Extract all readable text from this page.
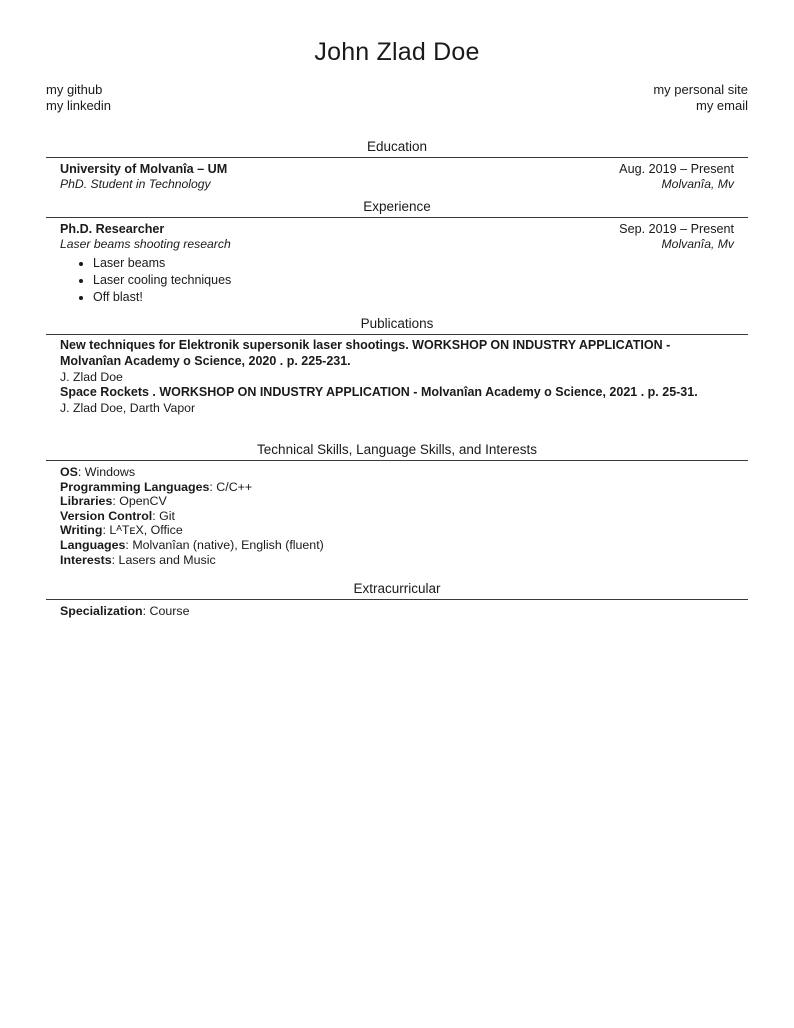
John Zlad Doe
my github
my linkedin
my personal site
my email
Education
University of Molvanîa – UM	Aug. 2019 – Present
PhD. Student in Technology	Molvanîa, Mv
Experience
Ph.D. Researcher	Sep. 2019 – Present
Laser beams shooting research	Molvanîa, Mv
• Laser beams
• Laser cooling techniques
• Off blast!
Publications
New techniques for Elektronik supersonik laser shootings. WORKSHOP ON INDUSTRY APPLICATION - Molvanîan Academy o Science, 2020 . p. 225-231.
J. Zlad Doe
Space Rockets . WORKSHOP ON INDUSTRY APPLICATION - Molvanîan Academy o Science, 2021 . p. 25-31.
J. Zlad Doe, Darth Vapor
Technical Skills, Language Skills, and Interests
OS: Windows
Programming Languages: C/C++
Libraries: OpenCV
Version Control: Git
Writing: LᴬTᴇX, Office
Languages: Molvanîan (native), English (fluent)
Interests: Lasers and Music
Extracurricular
Specialization: Course
